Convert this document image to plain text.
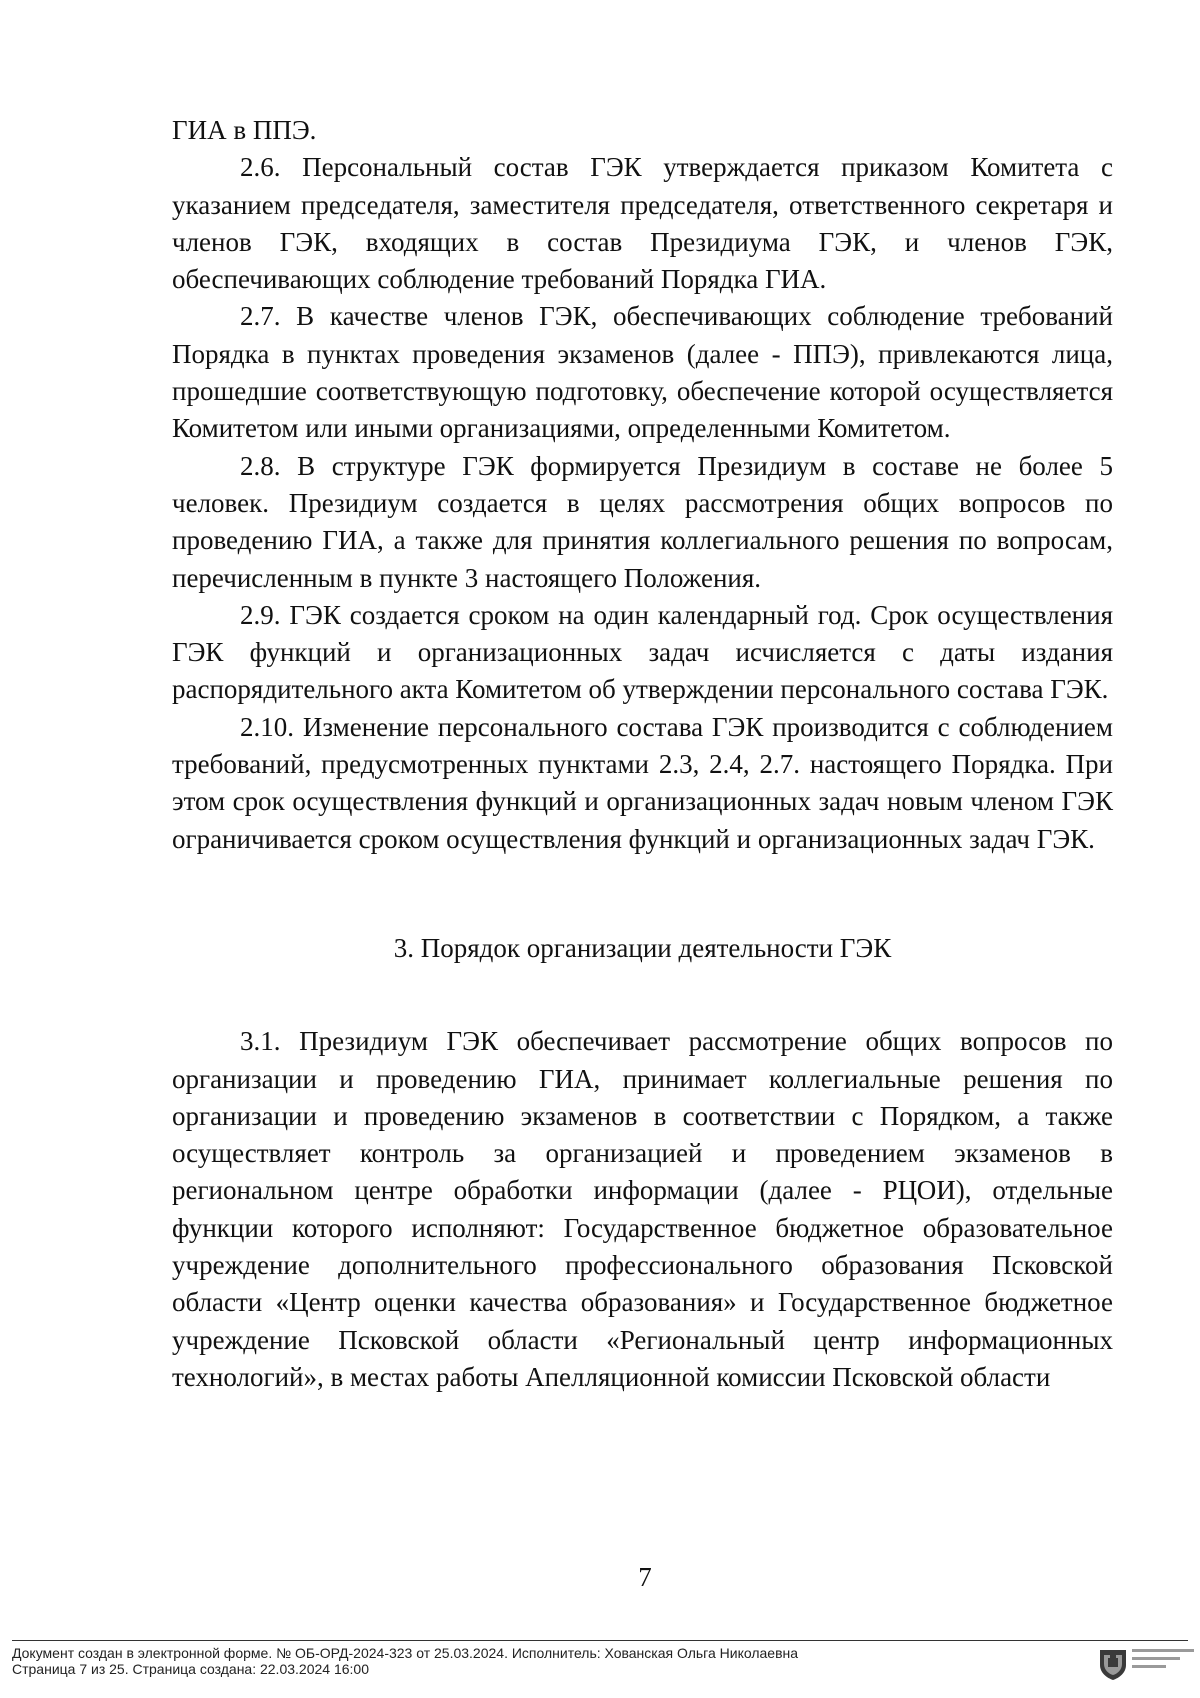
ГИА в ППЭ.

2.6. Персональный состав ГЭК утверждается приказом Комитета с указанием председателя, заместителя председателя, ответственного секретаря и членов ГЭК, входящих в состав Президиума ГЭК, и членов ГЭК, обеспечивающих соблюдение требований Порядка ГИА.

2.7. В качестве членов ГЭК, обеспечивающих соблюдение требований Порядка в пунктах проведения экзаменов (далее - ППЭ), привлекаются лица, прошедшие соответствующую подготовку, обеспечение которой осуществляется Комитетом или иными организациями, определенными Комитетом.

2.8. В структуре ГЭК формируется Президиум в составе не более 5 человек. Президиум создается в целях рассмотрения общих вопросов по проведению ГИА, а также для принятия коллегиального решения по вопросам, перечисленным в пункте 3 настоящего Положения.

2.9. ГЭК создается сроком на один календарный год. Срок осуществления ГЭК функций и организационных задач исчисляется с даты издания распорядительного акта Комитетом об утверждении персонального состава ГЭК.

2.10. Изменение персонального состава ГЭК производится с соблюдением требований, предусмотренных пунктами 2.3, 2.4, 2.7. настоящего Порядка. При этом срок осуществления функций и организационных задач новым членом ГЭК ограничивается сроком осуществления функций и организационных задач ГЭК.

3. Порядок организации деятельности ГЭК

3.1. Президиум ГЭК обеспечивает рассмотрение общих вопросов по организации и проведению ГИА, принимает коллегиальные решения по организации и проведению экзаменов в соответствии с Порядком, а также осуществляет контроль за организацией и проведением экзаменов в региональном центре обработки информации (далее - РЦОИ), отдельные функции которого исполняют: Государственное бюджетное образовательное учреждение дополнительного профессионального образования Псковской области «Центр оценки качества образования» и Государственное бюджетное учреждение Псковской области «Региональный центр информационных технологий», в местах работы Апелляционной комиссии Псковской области

7
Документ создан в электронной форме. № ОБ-ОРД-2024-323 от 25.03.2024. Исполнитель: Хованская Ольга Николаевна
Страница 7 из 25. Страница создана: 22.03.2024 16:00
